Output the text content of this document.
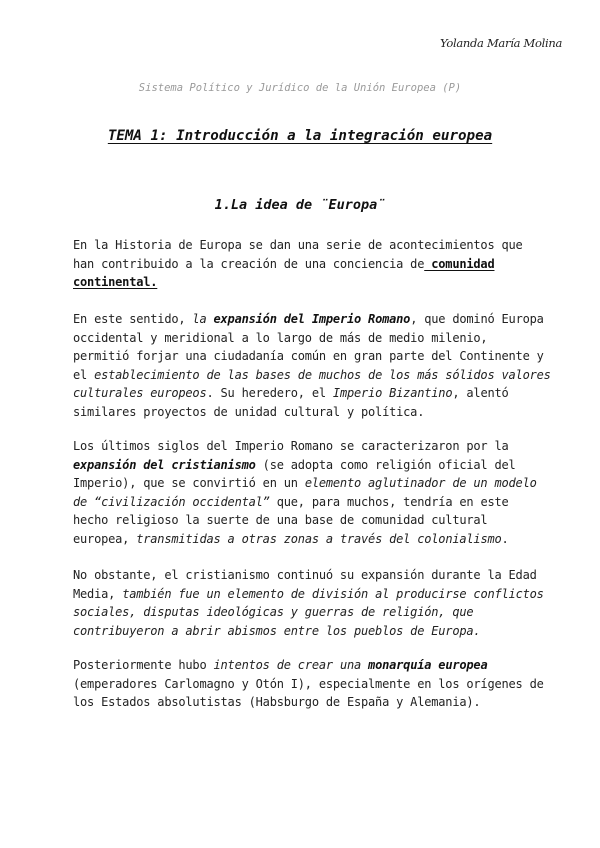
Yolanda María Molina
Sistema Político y Jurídico de la Unión Europea (P)
TEMA 1: Introducción a la integración europea
1.La idea de ¨Europa¨
En la Historia de Europa se dan una serie de acontecimientos que
han contribuido a la creación de una conciencia de comunidad
continental.
En este sentido, la expansión del Imperio Romano, que dominó Europa
occidental y meridional a lo largo de más de medio milenio,
permitió forjar una ciudadanía común en gran parte del Continente y
el establecimiento de las bases de muchos de los más sólidos valores
culturales europeos. Su heredero, el Imperio Bizantino, alentó
similares proyectos de unidad cultural y política.
Los últimos siglos del Imperio Romano se caracterizaron por la
expansión del cristianismo (se adopta como religión oficial del
Imperio), que se convirtió en un elemento aglutinador de un modelo
de “civilización occidental” que, para muchos, tendría en este
hecho religioso la suerte de una base de comunidad cultural
europea, transmitidas a otras zonas a través del colonialismo.
No obstante, el cristianismo continuó su expansión durante la Edad
Media, también fue un elemento de división al producirse conflictos
sociales, disputas ideológicas y guerras de religión, que
contribuyeron a abrir abismos entre los pueblos de Europa.
Posteriormente hubo intentos de crear una monarquía europea
(emperadores Carlomagno y Otón I), especialmente en los orígenes de
los Estados absolutistas (Habsburgo de España y Alemania).
